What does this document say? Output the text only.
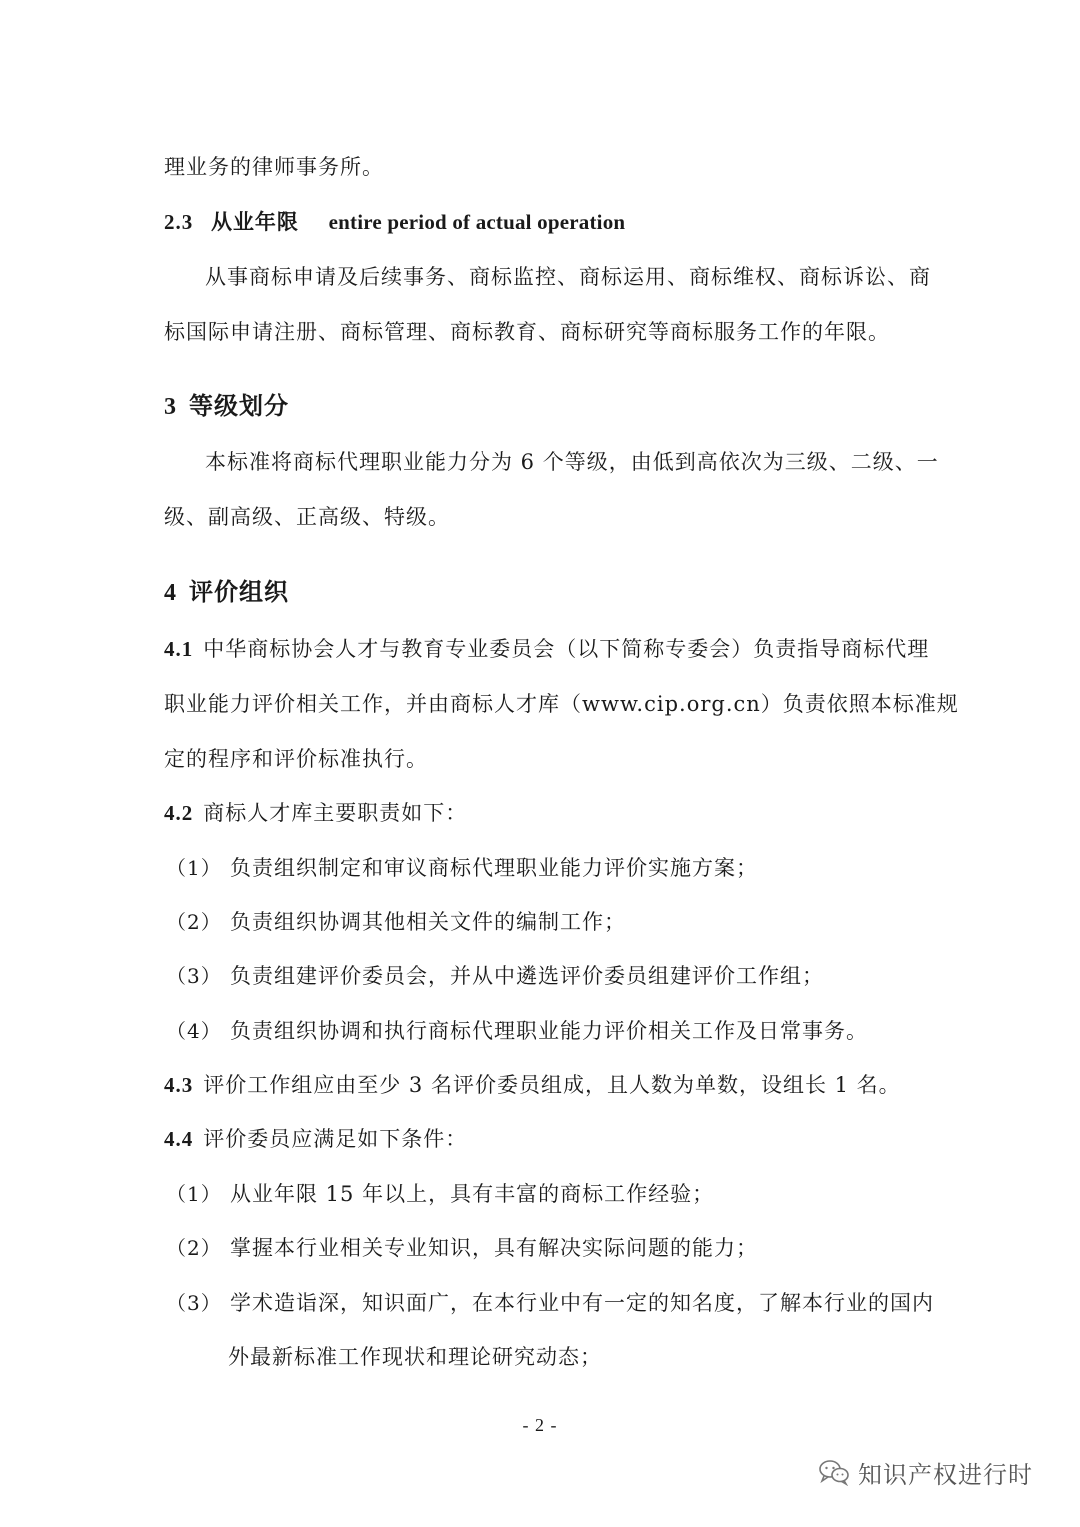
理业务的律师事务所。
2.3 从业年限 entire period of actual operation
从事商标申请及后续事务、商标监控、商标运用、商标维权、商标诉讼、商
标国际申请注册、商标管理、商标教育、商标研究等商标服务工作的年限。
3 等级划分
本标准将商标代理职业能力分为 6 个等级，由低到高依次为三级、二级、一
级、副高级、正高级、特级。
4 评价组织
4.1 中华商标协会人才与教育专业委员会（以下简称专委会）负责指导商标代理
职业能力评价相关工作，并由商标人才库（www.cip.org.cn）负责依照本标准规
定的程序和评价标准执行。
4.2 商标人才库主要职责如下：
（1） 负责组织制定和审议商标代理职业能力评价实施方案；
（2） 负责组织协调其他相关文件的编制工作；
（3） 负责组建评价委员会，并从中遴选评价委员组建评价工作组；
（4） 负责组织协调和执行商标代理职业能力评价相关工作及日常事务。
4.3 评价工作组应由至少 3 名评价委员组成，且人数为单数，设组长 1 名。
4.4 评价委员应满足如下条件：
（1） 从业年限 15 年以上，具有丰富的商标工作经验；
（2） 掌握本行业相关专业知识，具有解决实际问题的能力；
（3） 学术造诣深，知识面广，在本行业中有一定的知名度，了解本行业的国内
外最新标准工作现状和理论研究动态；
- 2 -
知识产权进行时
